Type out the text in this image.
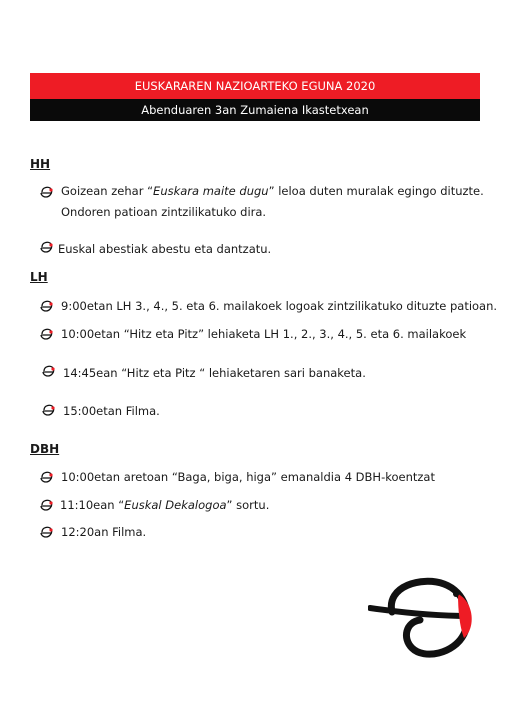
EUSKARAREN NAZIOARTEKO EGUNA 2020
Abenduaren 3an Zumaiena Ikastetxean
HH
Goizean zehar “Euskara maite dugu” leloa duten muralak egingo dituzte.
Ondoren patioan zintzilikatuko dira.
Euskal abestiak abestu eta dantzatu.
LH
9:00etan LH 3., 4., 5. eta 6. mailakoek logoak zintzilikatuko dituzte patioan.
10:00etan “Hitz eta Pitz” lehiaketa LH 1., 2., 3., 4., 5. eta 6. mailakoek
14:45ean “Hitz eta Pitz “ lehiaketaren sari banaketa.
15:00etan Filma.
DBH
10:00etan aretoan “Baga, biga, higa” emanaldia 4 DBH-koentzat
11:10ean “Euskal Dekalogoa” sortu.
12:20an Filma.
